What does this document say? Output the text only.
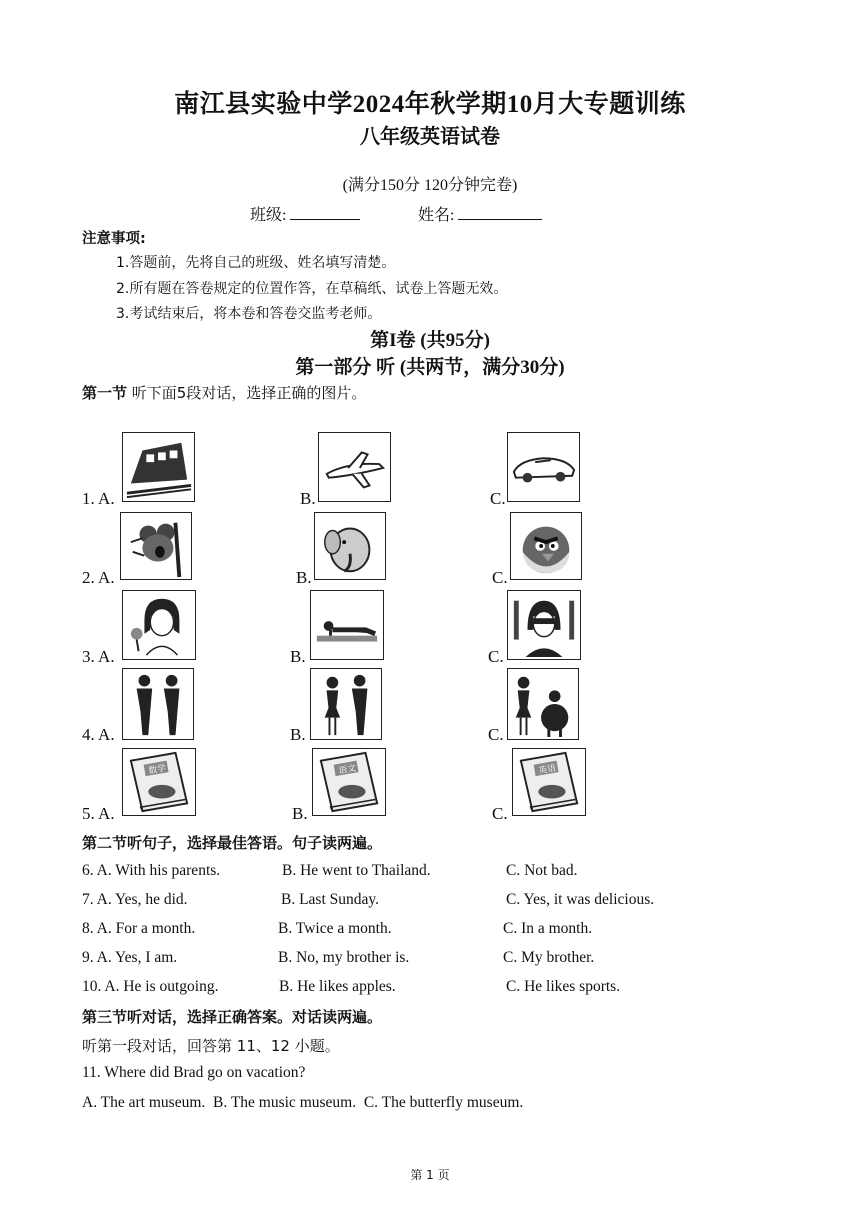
南江县实验中学2024年秋学期10月大专题训练
八年级英语试卷
(满分150分 120分钟完卷)
班级:	姓名:
注意事项:
1.答题前，先将自己的班级、姓名填写清楚。
2.所有题在答卷规定的位置作答，在草稿纸、试卷上答题无效。
3.考试结束后，将本卷和答卷交监考老师。
第I卷 (共95分)
第一部分 听 (共两节，满分30分)
第一节 听下面5段对话，选择正确的图片。
1. A.	B.	C.
2. A.	B.	C.
3. A.	B.	C.
4. A.	B.	C.
5. A.	B.	C.
数学	语文	英语
第二节听句子，选择最佳答语。句子读两遍。
6. A. With his parents.	B. He went to Thailand.	C. Not bad.
7. A. Yes, he did.	B. Last Sunday.	C. Yes, it was delicious.
8. A. For a month.	B. Twice a month.	C. In a month.
9. A. Yes, I am.	B. No, my brother is.	C. My brother.
10. A. He is outgoing.	B. He likes apples.	C. He likes sports.
第三节听对话，选择正确答案。对话读两遍。
听第一段对话，回答第 11、12 小题。
11. Where did Brad go on vacation?
A. The art museum.  B. The music museum.  C. The butterfly museum.
第 1 页
